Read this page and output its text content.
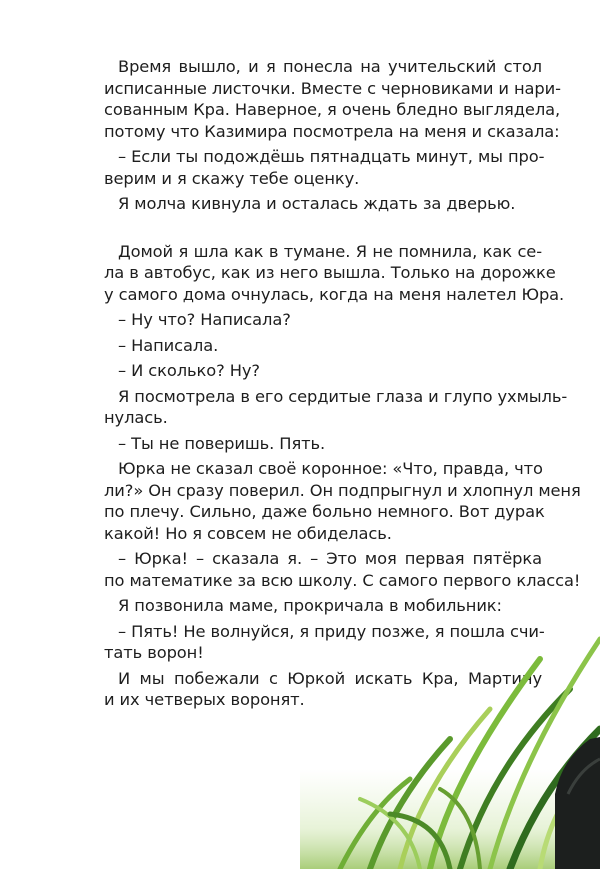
Время вышло, и я понесла на учительский стол
исписанные листочки. Вместе с черновиками и нари-
сованным Кра. Наверное, я очень бледно выглядела,
потому что Казимира посмотрела на меня и сказала:

– Если ты подождёшь пятнадцать минут, мы про-
верим и я скажу тебе оценку.

Я молча кивнула и осталась ждать за дверью.

Домой я шла как в тумане. Я не помнила, как се-
ла в автобус, как из него вышла. Только на дорожке
у самого дома очнулась, когда на меня налетел Юра.

– Ну что? Написала?

– Написала.

– И сколько? Ну?

Я посмотрела в его сердитые глаза и глупо ухмыль-
нулась.

– Ты не поверишь. Пять.

Юрка не сказал своё коронное: «Что, правда, что
ли?» Он сразу поверил. Он подпрыгнул и хлопнул меня
по плечу. Сильно, даже больно немного. Вот дурак
какой! Но я совсем не обиделась.

– Юрка! – сказала я. – Это моя первая пятёрка
по математике за всю школу. С самого первого класса!

Я позвонила маме, прокричала в мобильник:

– Пять! Не волнуйся, я приду позже, я пошла счи-
тать ворон!

И мы побежали с Юркой искать Кра, Мартину
и их четверых воронят.
